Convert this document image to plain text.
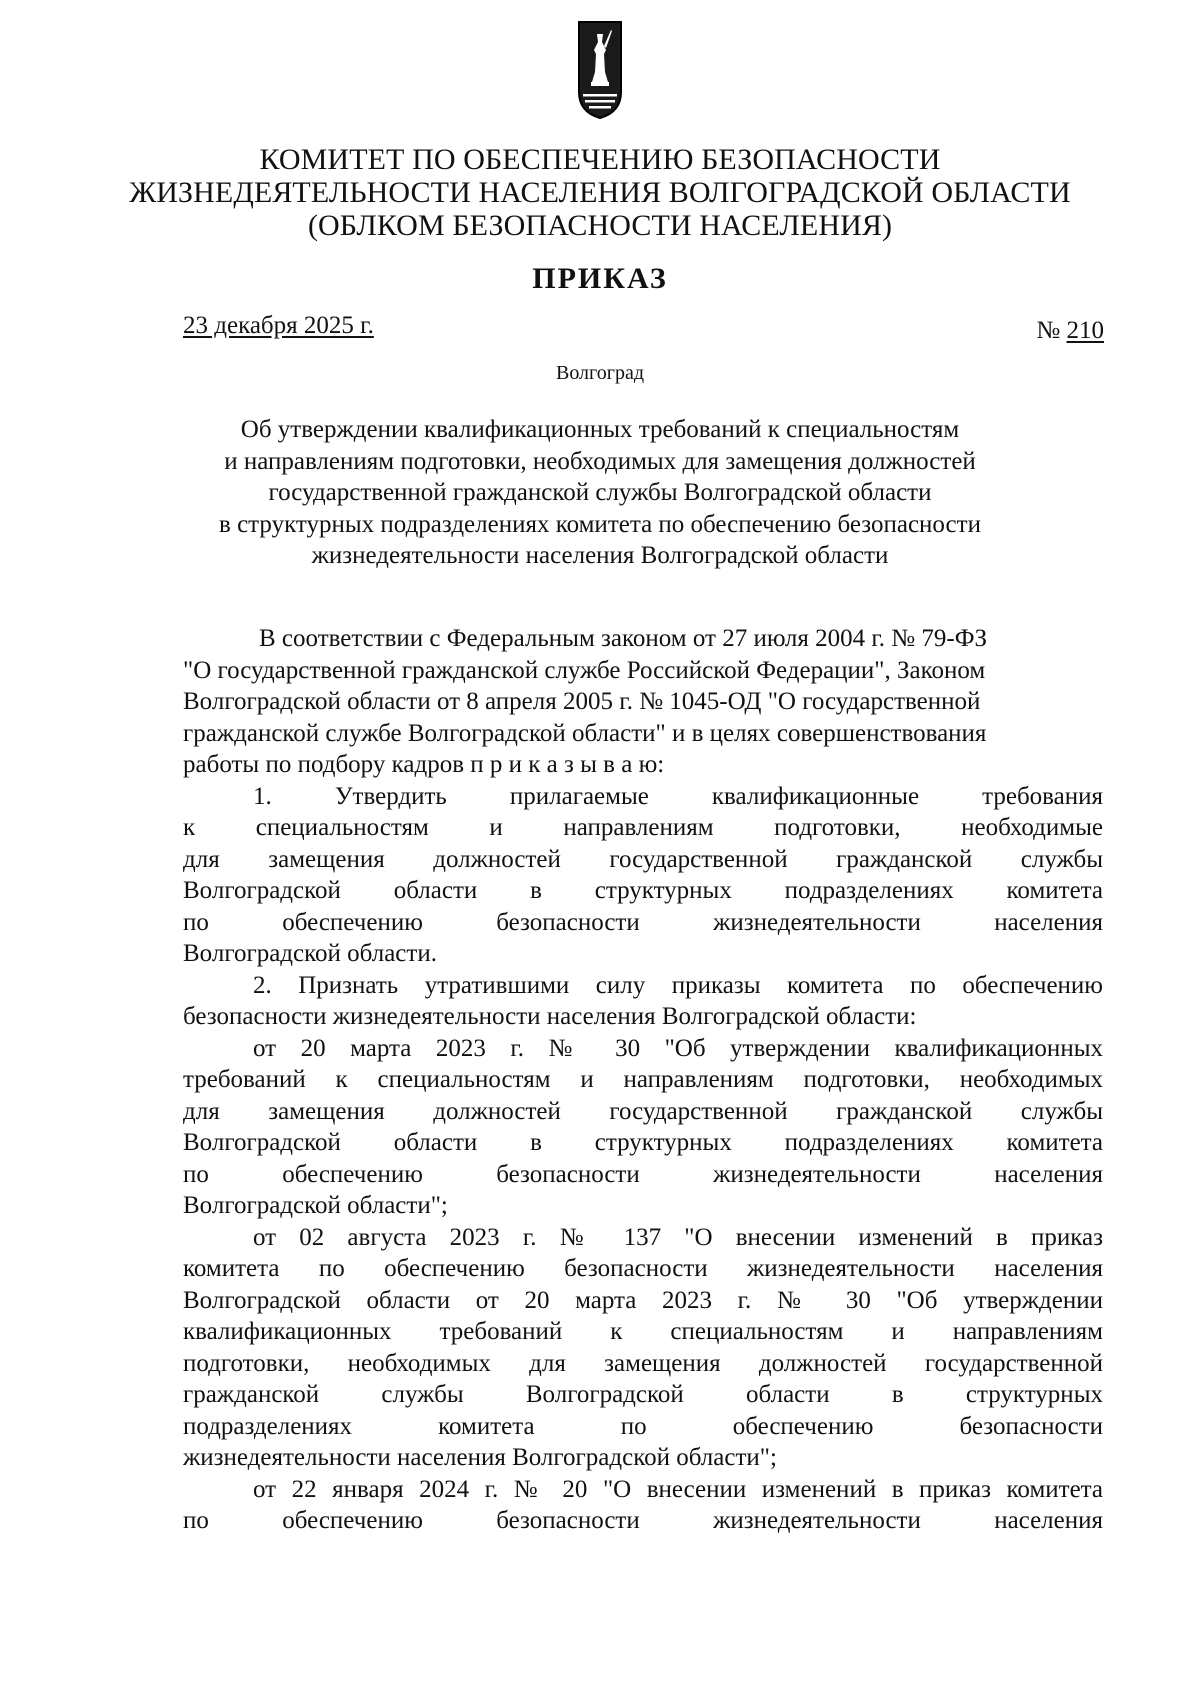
КОМИТЕТ ПО ОБЕСПЕЧЕНИЮ БЕЗОПАСНОСТИ
ЖИЗНЕДЕЯТЕЛЬНОСТИ НАСЕЛЕНИЯ ВОЛГОГРАДСКОЙ ОБЛАСТИ
(ОБЛКОМ БЕЗОПАСНОСТИ НАСЕЛЕНИЯ)
ПРИКАЗ
23 декабря 2025 г.	№ 210
Волгоград
Об утверждении квалификационных требований к специальностям
и направлениям подготовки, необходимых для замещения должностей
государственной гражданской службы Волгоградской области
в структурных подразделениях комитета по обеспечению безопасности
жизнедеятельности населения Волгоградской области
В соответствии с Федеральным законом от 27 июля 2004 г. № 79-ФЗ
"О государственной гражданской службе Российской Федерации", Законом
Волгоградской области от 8 апреля 2005 г. № 1045-ОД "О государственной
гражданской службе Волгоградской области" и в целях совершенствования
работы по подбору кадров п р и к а з ы в а ю:
1. Утвердить прилагаемые квалификационные требования
к специальностям и направлениям подготовки, необходимые
для замещения должностей государственной гражданской службы
Волгоградской области в структурных подразделениях комитета
по обеспечению безопасности жизнедеятельности населения
Волгоградской области.
2. Признать утратившими силу приказы комитета по обеспечению
безопасности жизнедеятельности населения Волгоградской области:
от 20 марта 2023 г. № 30 "Об утверждении квалификационных
требований к специальностям и направлениям подготовки, необходимых
для замещения должностей государственной гражданской службы
Волгоградской области в структурных подразделениях комитета
по обеспечению безопасности жизнедеятельности населения
Волгоградской области";
от 02 августа 2023 г. № 137 "О внесении изменений в приказ
комитета по обеспечению безопасности жизнедеятельности населения
Волгоградской области от 20 марта 2023 г. № 30 "Об утверждении
квалификационных требований к специальностям и направлениям
подготовки, необходимых для замещения должностей государственной
гражданской службы Волгоградской области в структурных
подразделениях комитета по обеспечению безопасности
жизнедеятельности населения Волгоградской области";
от 22 января 2024 г. № 20 "О внесении изменений в приказ комитета
по обеспечению безопасности жизнедеятельности населения
